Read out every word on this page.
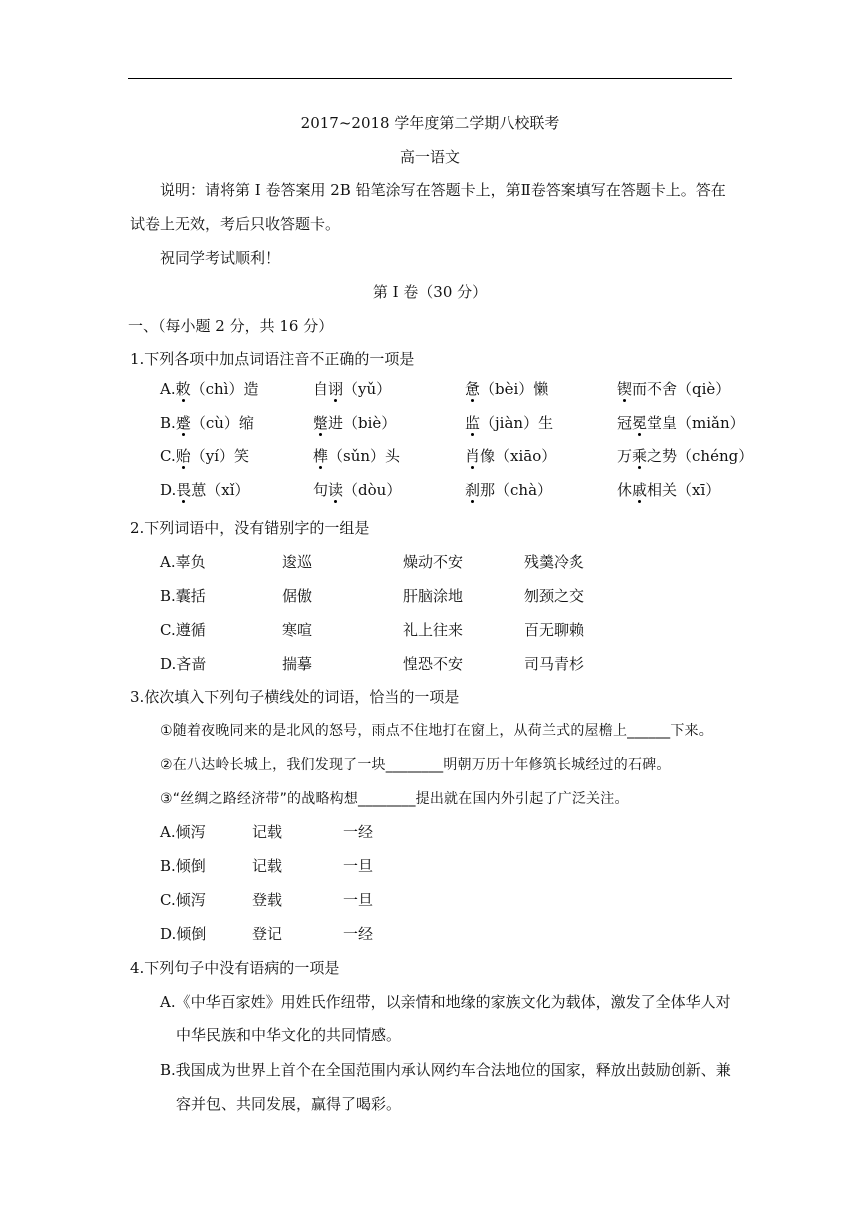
2017~2018 学年度第二学期八校联考
高一语文
说明：请将第 I 卷答案用 2B 铅笔涂写在答题卡上，第Ⅱ卷答案填写在答题卡上。答在
试卷上无效，考后只收答题卡。
祝同学考试顺利！
第 I 卷（30 分）
一、（每小题 2 分，共 16 分）
1.下列各项中加点词语注音不正确的一项是
A.敕（chì）造	自诩（yǔ）	惫（bèi）懒	锲而不舍（qiè）
B.蹙（cù）缩	蹩进（biè）	监（jiàn）生	冠冕堂皇（miǎn）
C.贻（yí）笑	榫（sǔn）头	肖像（xiāo）	万乘之势（chéng）
D.畏葸（xǐ）	句读（dòu）	刹那（chà）	休戚相关（xī）
2.下列词语中，没有错别字的一组是
A.辜负	逡巡	燥动不安	残羹冷炙
B.囊括	倨傲	肝脑涂地	刎颈之交
C.遵循	寒喧	礼上往来	百无聊赖
D.吝啬	揣摹	惶恐不安	司马青杉
3.依次填入下列句子横线处的词语，恰当的一项是
①随着夜晚同来的是北风的怒号，雨点不住地打在窗上，从荷兰式的屋檐上______下来。
②在八达岭长城上，我们发现了一块________明朝万历十年修筑长城经过的石碑。
③“丝绸之路经济带”的战略构想________提出就在国内外引起了广泛关注。
A.倾泻	记载	一经
B.倾倒	记载	一旦
C.倾泻	登载	一旦
D.倾倒	登记	一经
4.下列句子中没有语病的一项是
A.《中华百家姓》用姓氏作纽带，以亲情和地缘的家族文化为载体，激发了全体华人对
中华民族和中华文化的共同情感。
B.我国成为世界上首个在全国范围内承认网约车合法地位的国家，释放出鼓励创新、兼
容并包、共同发展，赢得了喝彩。
